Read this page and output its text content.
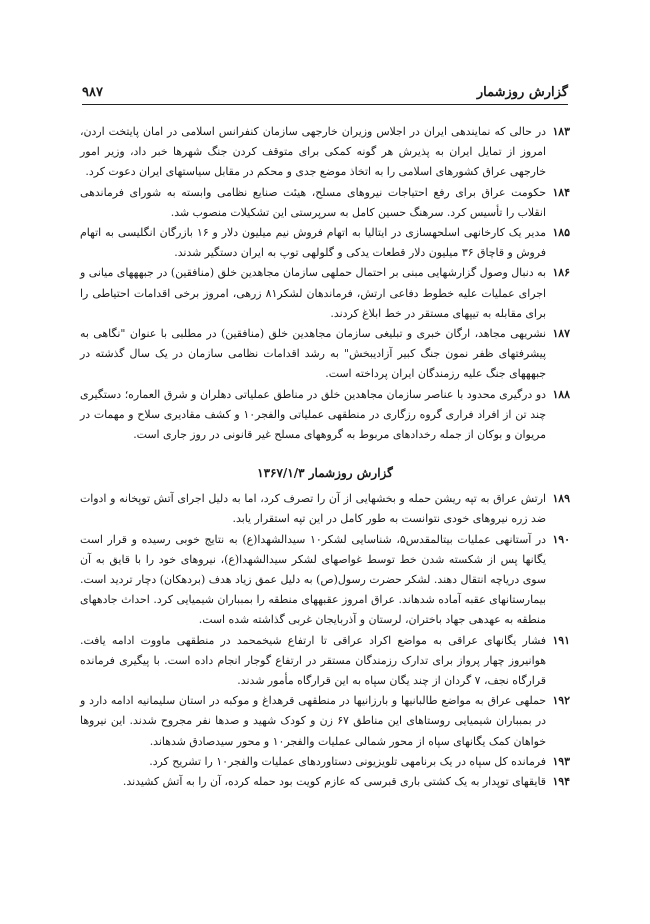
گزارش روزشمار
۹۸۷
۱۸۳
در حالی که نمایندهی ایران در اجلاس وزیران خارجهی سازمان کنفرانس اسلامی در امان پایتخت اردن، امروز از تمایل ایران به پذیرش هر گونه کمکی برای متوقف کردن جنگ شهرها خبر داد، وزیر امور خارجهی عراق کشورهای اسلامی را به اتخاذ موضع جدی و محکم در مقابل سیاستهای ایران دعوت کرد.
۱۸۴
حکومت عراق برای رفع احتیاجات نیروهای مسلح، هیئت صنایع نظامی وابسته به شورای فرماندهی انقلاب را تأسیس کرد. سرهنگ حسین کامل به سرپرستی این تشکیلات منصوب شد.
۱۸۵
مدیر یک کارخانهی اسلحهسازی در ایتالیا به اتهام فروش نیم میلیون دلار و ۱۶ بازرگان انگلیسی به اتهام فروش و قاچاق ۳۶ میلیون دلار قطعات یدکی و گلولهی توپ به ایران دستگیر شدند.
۱۸۶
به دنبال وصول گزارشهایی مبنی بر احتمال حملهی سازمان مجاهدین خلق (منافقین) در جبهههای میانی و اجرای عملیات علیه خطوط دفاعی ارتش، فرماندهان لشکر۸۱ زرهی، امروز برخی اقدامات احتیاطی را برای مقابله به تیپهای مستقر در خط ابلاغ کردند.
۱۸۷
نشریهی مجاهد، ارگان خبری و تبلیغی سازمان مجاهدین خلق (منافقین) در مطلبی با عنوان "نگاهی به پیشرفتهای ظفر نمون جنگ کبیر آزادیبخش" به رشد اقدامات نظامی سازمان در یک سال گذشته در جبهههای جنگ علیه رزمندگان ایران پرداخته است.
۱۸۸
دو درگیری محدود با عناصر سازمان مجاهدین خلق در مناطق عملیاتی دهلران و شرق العماره؛ دستگیری چند تن از افراد فراری گروه رزگاری در منطقهی عملیاتی والفجر۱۰ و کشف مقادیری سلاح و مهمات در مریوان و بوکان از جمله رخدادهای مربوط به گروههای مسلح غیر قانونی در روز جاری است.
گزارش روزشمار ۱۳۶۷/۱/۳
۱۸۹
ارتش عراق به تپه ریشن حمله و بخشهایی از آن را تصرف کرد، اما به دلیل اجرای آتش توپخانه و ادوات ضد زره نیروهای خودی نتوانست به طور کامل در این تپه استقرار یابد.
۱۹۰
در آستانهی عملیات بیتالمقدس۵، شناسایی لشکر۱۰ سیدالشهدا(ع) به نتایج خوبی رسیده و قرار است یگانها پس از شکسته شدن خط توسط غواصهای لشکر سیدالشهدا(ع)، نیروهای خود را با قایق به آن سوی دریاچه انتقال دهند. لشکر حضرت رسول(ص) به دلیل عمق زیاد هدف (بردهکان) دچار تردید است. بیمارستانهای عقبه آماده شدهاند. عراق امروز عقبههای منطقه را بمبباران شیمیایی کرد. احداث جادههای منطقه به عهدهی جهاد باختران، لرستان و آذربایجان غربی گذاشته شده است.
۱۹۱
فشار یگانهای عراقی به مواضع اکراد عراقی تا ارتفاع شیخمحمد در منطقهی ماووت ادامه یافت. هوانیروز چهار پرواز برای تدارک رزمندگان مستقر در ارتفاع گوجار انجام داده است. با پیگیری فرمانده قرارگاه نجف، ۷ گردان از چند یگان سپاه به این قرارگاه مأمور شدند.
۱۹۲
حملهی عراق به مواضع طالبانیها و بارزانیها در منطقهی قرهداغ و موکبه در استان سلیمانیه ادامه دارد و در بمبباران شیمیایی روستاهای این مناطق ۶۷ زن و کودک شهید و صدها نفر مجروح شدند. این نیروها خواهان کمک یگانهای سپاه از محور شمالی عملیات والفجر۱۰ و محور سیدصادق شدهاند.
۱۹۳
فرمانده کل سپاه در یک برنامهی تلویزیونی دستاوردهای عملیات والفجر۱۰ را تشریح کرد.
۱۹۴
قایقهای توپدار به یک کشتی باری قبرسی که عازم کویت بود حمله کرده، آن را به آتش کشیدند.
